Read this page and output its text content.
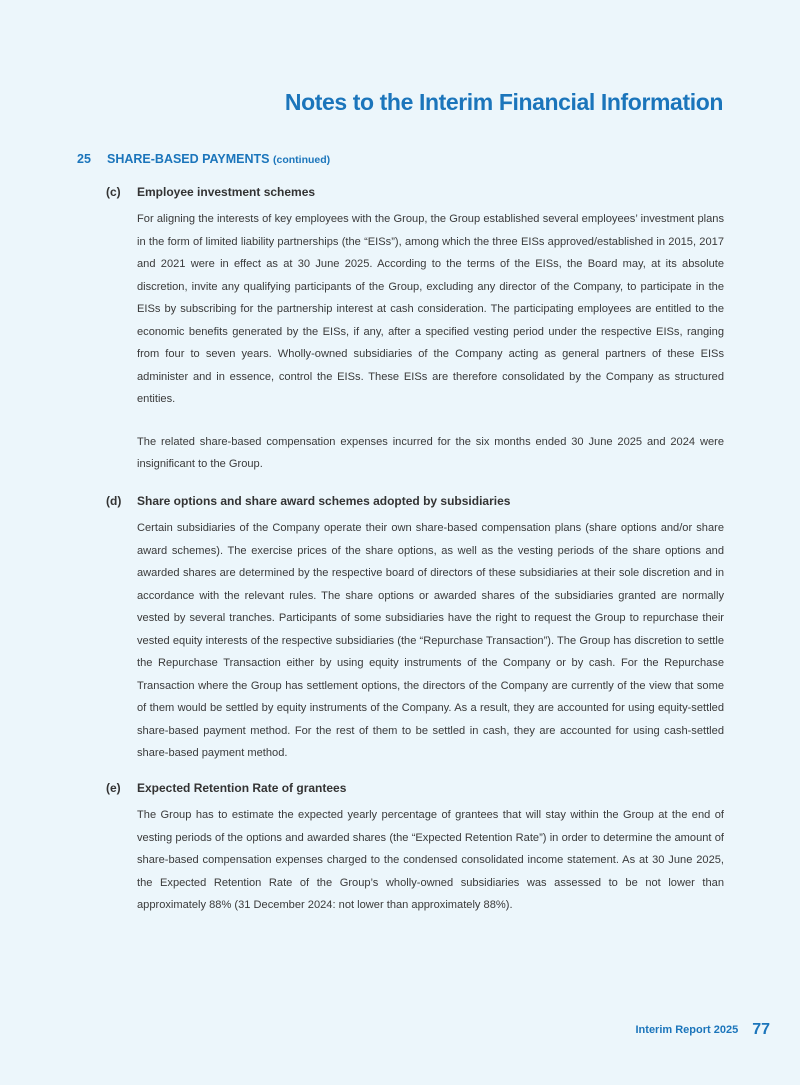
Notes to the Interim Financial Information
25 SHARE-BASED PAYMENTS (continued)
(c) Employee investment schemes

For aligning the interests of key employees with the Group, the Group established several employees’ investment plans in the form of limited liability partnerships (the “EISs”), among which the three EISs approved/established in 2015, 2017 and 2021 were in effect as at 30 June 2025. According to the terms of the EISs, the Board may, at its absolute discretion, invite any qualifying participants of the Group, excluding any director of the Company, to participate in the EISs by subscribing for the partnership interest at cash consideration. The participating employees are entitled to the economic benefits generated by the EISs, if any, after a specified vesting period under the respective EISs, ranging from four to seven years. Wholly-owned subsidiaries of the Company acting as general partners of these EISs administer and in essence, control the EISs. These EISs are therefore consolidated by the Company as structured entities.

The related share-based compensation expenses incurred for the six months ended 30 June 2025 and 2024 were insignificant to the Group.

(d) Share options and share award schemes adopted by subsidiaries

Certain subsidiaries of the Company operate their own share-based compensation plans (share options and/or share award schemes). The exercise prices of the share options, as well as the vesting periods of the share options and awarded shares are determined by the respective board of directors of these subsidiaries at their sole discretion and in accordance with the relevant rules. The share options or awarded shares of the subsidiaries granted are normally vested by several tranches. Participants of some subsidiaries have the right to request the Group to repurchase their vested equity interests of the respective subsidiaries (the “Repurchase Transaction”). The Group has discretion to settle the Repurchase Transaction either by using equity instruments of the Company or by cash. For the Repurchase Transaction where the Group has settlement options, the directors of the Company are currently of the view that some of them would be settled by equity instruments of the Company. As a result, they are accounted for using equity-settled share-based payment method. For the rest of them to be settled in cash, they are accounted for using cash-settled share-based payment method.

(e) Expected Retention Rate of grantees

The Group has to estimate the expected yearly percentage of grantees that will stay within the Group at the end of vesting periods of the options and awarded shares (the “Expected Retention Rate”) in order to determine the amount of share-based compensation expenses charged to the condensed consolidated income statement. As at 30 June 2025, the Expected Retention Rate of the Group’s wholly-owned subsidiaries was assessed to be not lower than approximately 88% (31 December 2024: not lower than approximately 88%).

Interim Report 2025 77
